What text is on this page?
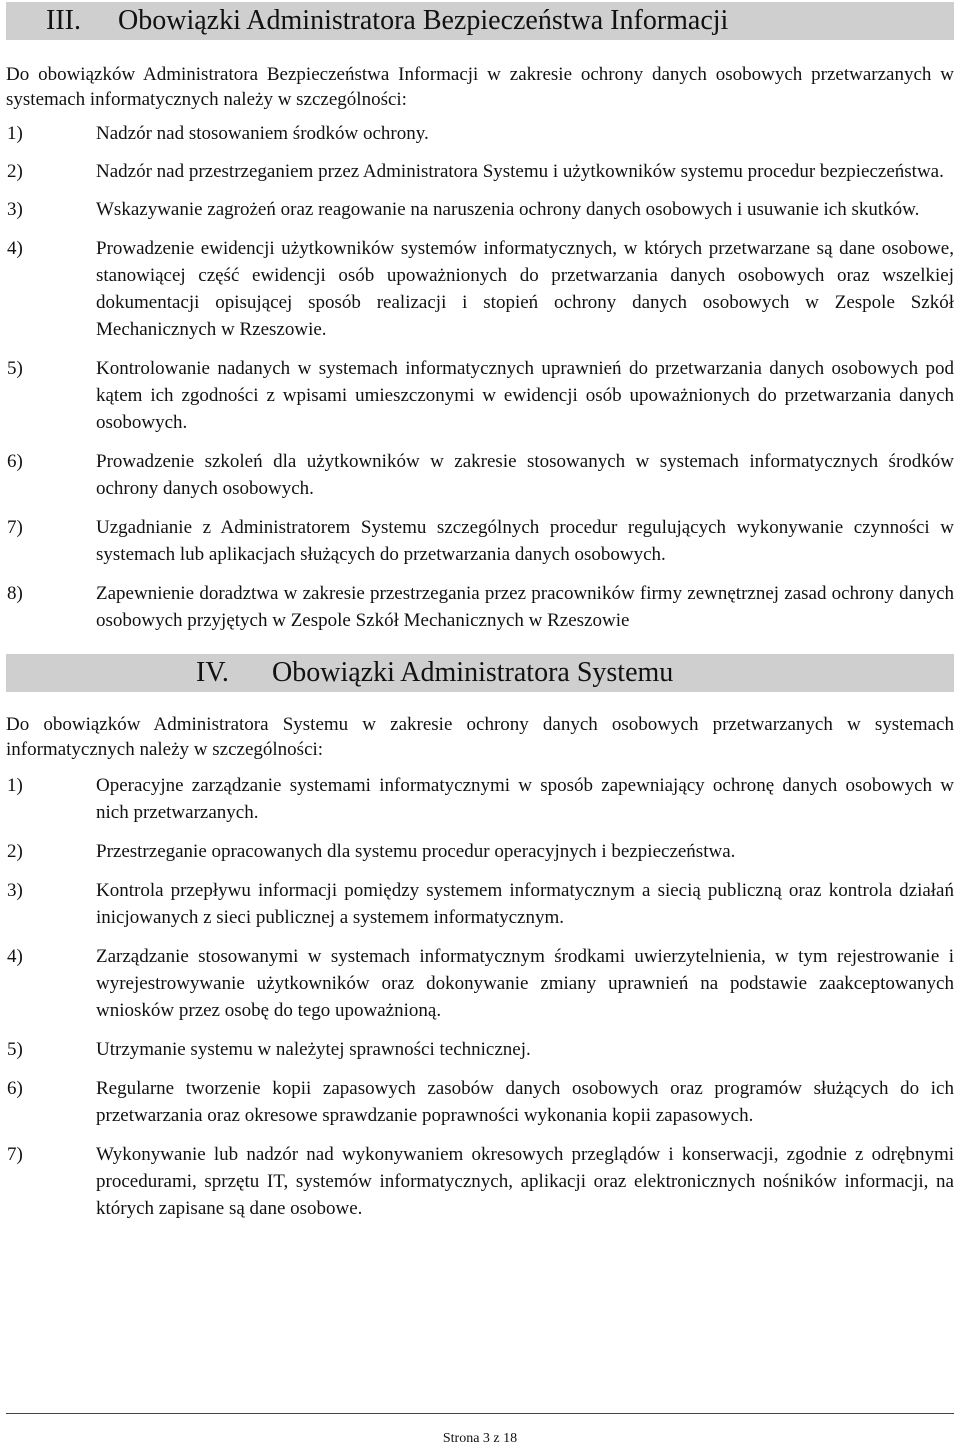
III.	Obowiązki Administratora Bezpieczeństwa Informacji

Do obowiązków Administratora Bezpieczeństwa Informacji w zakresie ochrony danych osobowych przetwarzanych w systemach informatycznych należy w szczególności:

1)	Nadzór nad stosowaniem środków ochrony.
2)	Nadzór nad przestrzeganiem przez Administratora Systemu i użytkowników systemu procedur bezpieczeństwa.
3)	Wskazywanie zagrożeń oraz reagowanie na naruszenia ochrony danych osobowych i usuwanie ich skutków.
4)	Prowadzenie ewidencji użytkowników systemów informatycznych, w których przetwarzane są dane osobowe, stanowiącej część ewidencji osób upoważnionych do przetwarzania danych osobowych oraz wszelkiej dokumentacji opisującej sposób realizacji i stopień ochrony danych osobowych w Zespole Szkół Mechanicznych w Rzeszowie.
5)	Kontrolowanie nadanych w systemach informatycznych uprawnień do przetwarzania danych osobowych pod kątem ich zgodności z wpisami umieszczonymi w ewidencji osób upoważnionych do przetwarzania danych osobowych.
6)	Prowadzenie szkoleń dla użytkowników w zakresie stosowanych w systemach informatycznych środków ochrony danych osobowych.
7)	Uzgadnianie z Administratorem Systemu szczególnych procedur regulujących wykonywanie czynności w systemach lub aplikacjach służących do przetwarzania danych osobowych.
8)	Zapewnienie doradztwa w zakresie przestrzegania przez pracowników firmy zewnętrznej zasad ochrony danych osobowych przyjętych w Zespole Szkół Mechanicznych w Rzeszowie
IV.	Obowiązki Administratora Systemu

Do obowiązków Administratora Systemu w zakresie ochrony danych osobowych przetwarzanych w systemach informatycznych należy w szczególności:

1)	Operacyjne zarządzanie systemami informatycznymi w sposób zapewniający ochronę danych osobowych w nich przetwarzanych.
2)	Przestrzeganie opracowanych dla systemu procedur operacyjnych i bezpieczeństwa.
3)	Kontrola przepływu informacji pomiędzy systemem informatycznym a siecią publiczną oraz kontrola działań inicjowanych z sieci publicznej a systemem informatycznym.
4)	Zarządzanie stosowanymi w systemach informatycznym środkami uwierzytelnienia, w tym rejestrowanie i wyrejestrowywanie użytkowników oraz dokonywanie zmiany uprawnień na podstawie zaakceptowanych wniosków przez osobę do tego upoważnioną.
5)	Utrzymanie systemu w należytej sprawności technicznej.
6)	Regularne tworzenie kopii zapasowych zasobów danych osobowych oraz programów służących do ich przetwarzania oraz okresowe sprawdzanie poprawności wykonania kopii zapasowych.
7)	Wykonywanie lub nadzór nad wykonywaniem okresowych przeglądów i konserwacji, zgodnie z odrębnymi procedurami, sprzętu IT, systemów informatycznych, aplikacji oraz elektronicznych nośników informacji, na których zapisane są dane osobowe.
Strona 3 z 18
